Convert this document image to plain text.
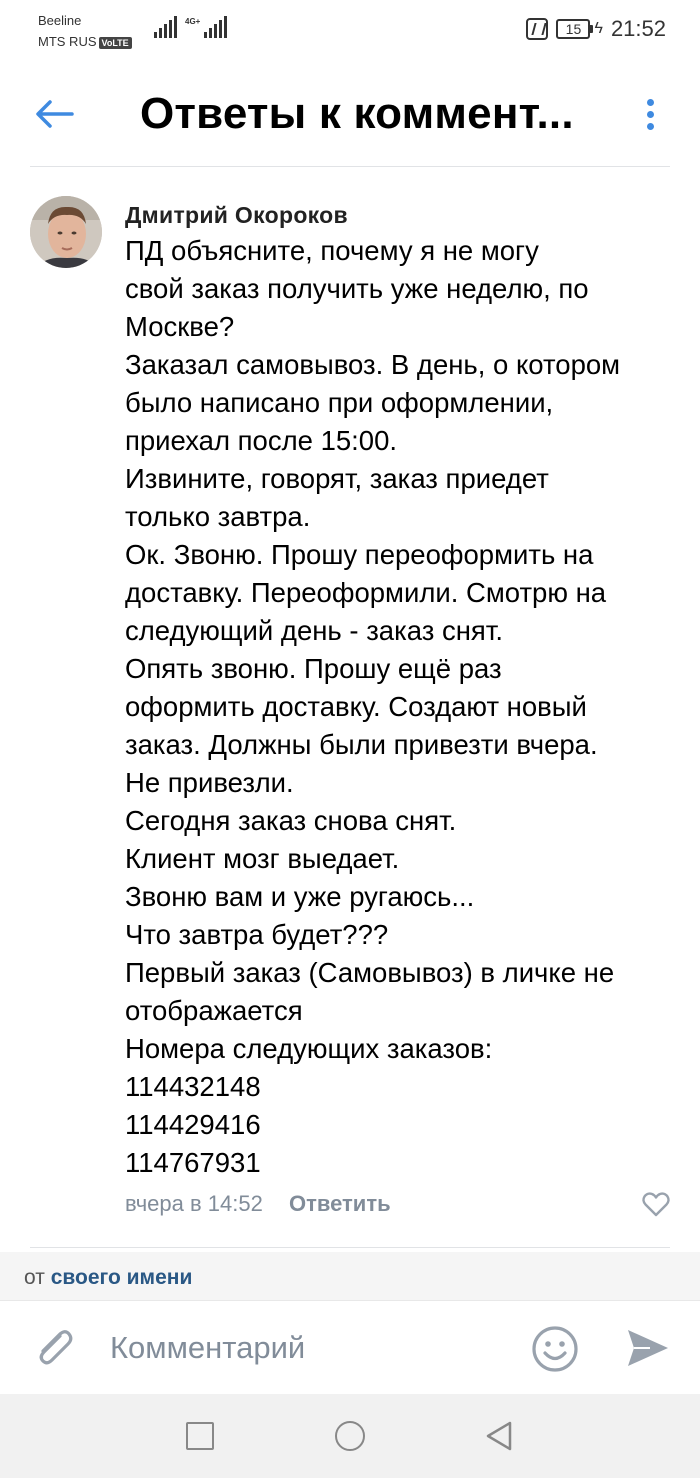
Beeline
MTS RUS VoLTE
4G+	15 ϟ 21:52
Ответы к коммент...
Дмитрий Окороков
ПД объясните, почему я не могу
свой заказ получить уже неделю, по
Москве?
Заказал самовывоз. В день, о котором
было написано при оформлении,
приехал после 15:00.
Извините, говорят, заказ приедет
только завтра.
Ок. Звоню. Прошу переоформить на
доставку. Переоформили. Смотрю на
следующий день - заказ снят.
Опять звоню. Прошу ещё раз
оформить доставку. Создают новый
заказ. Должны были привезти вчера.
Не привезли.
Сегодня заказ снова снят.
Клиент мозг выедает.
Звоню вам и уже ругаюсь...
Что завтра будет???
Первый заказ (Самовывоз) в личке не
отображается
Номера следующих заказов:
114432148
114429416
114767931
вчера в 14:52 Ответить
от своего имени
Комментарий
